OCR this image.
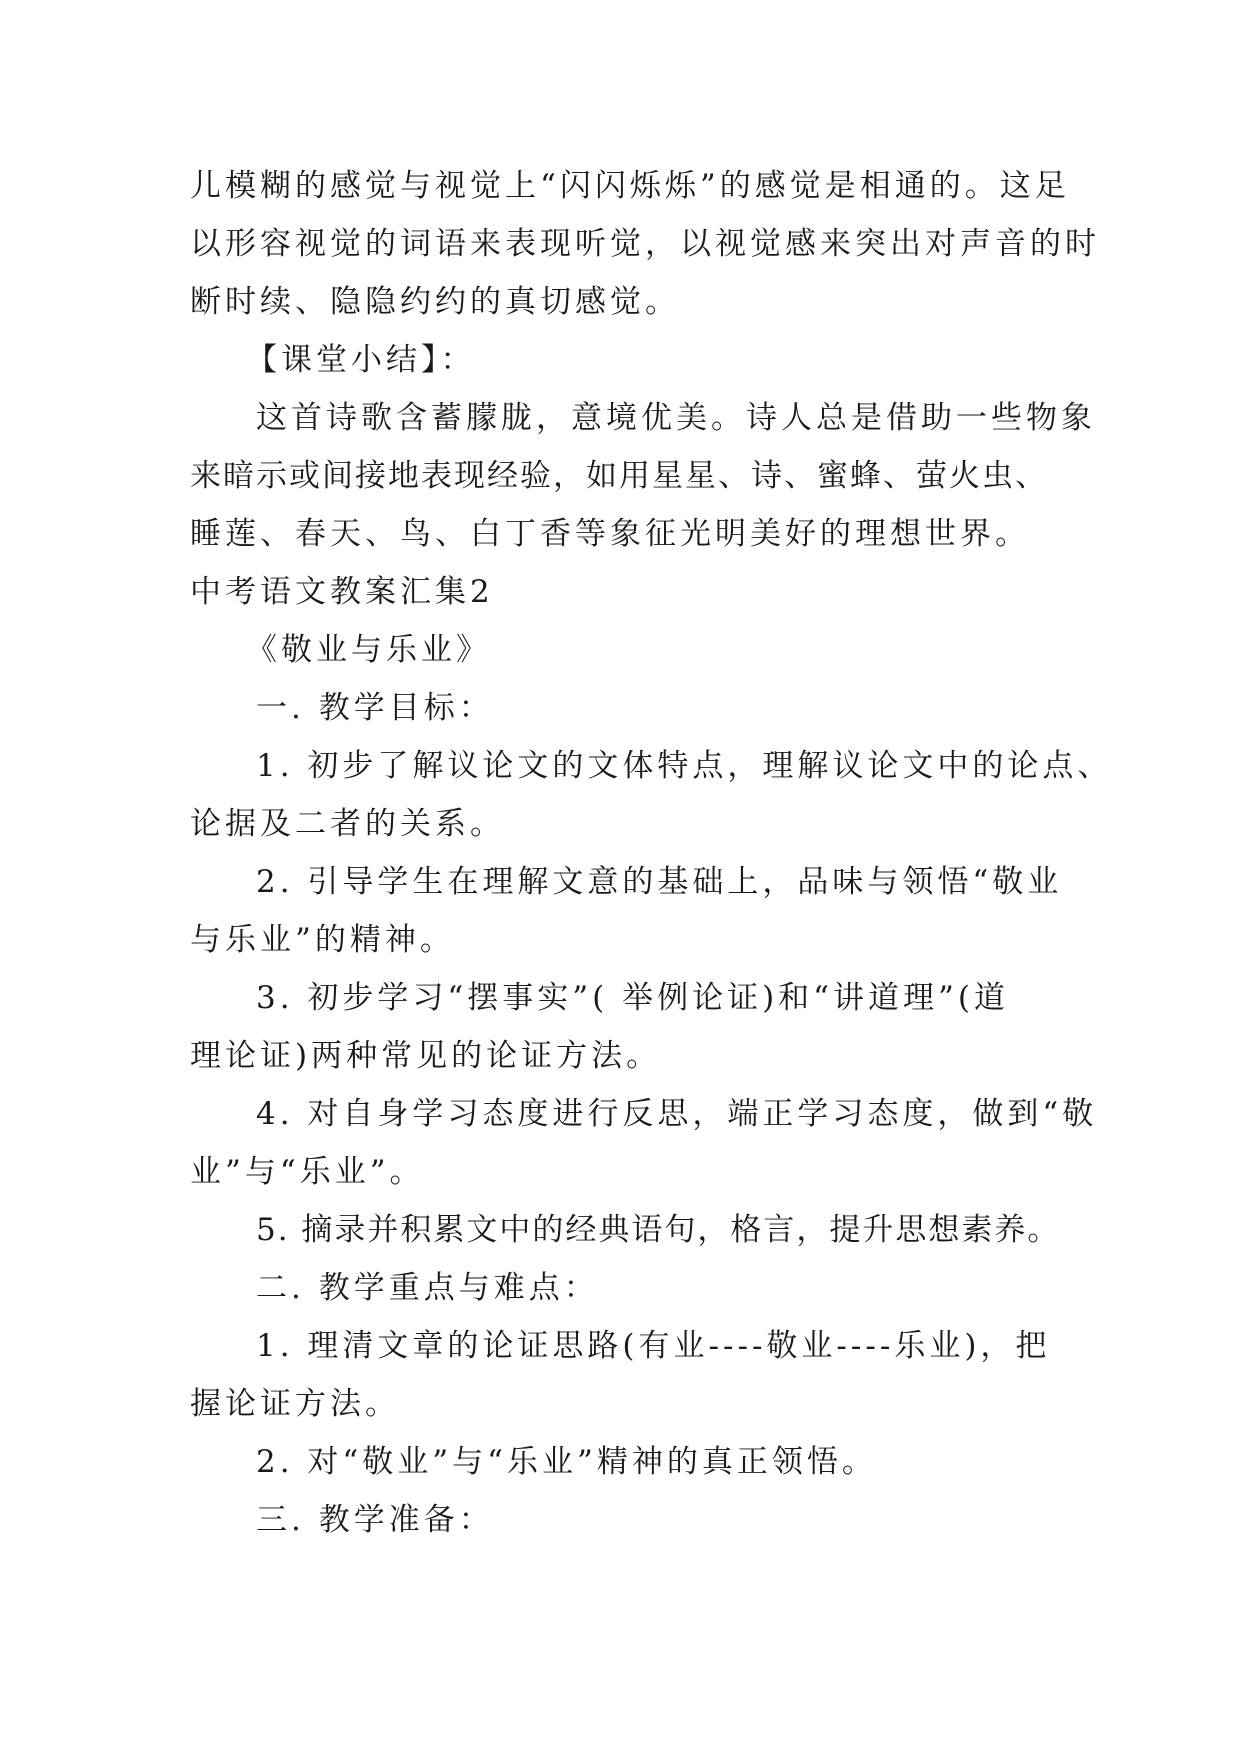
儿模糊的感觉与视觉上“闪闪烁烁”的感觉是相通的。这足
以形容视觉的词语来表现听觉，以视觉感来突出对声音的时
断时续、隐隐约约的真切感觉。
【课堂小结】：
这首诗歌含蓄朦胧，意境优美。诗人总是借助一些物象
来暗示或间接地表现经验，如用星星、诗、蜜蜂、萤火虫、
睡莲、春天、鸟、白丁香等象征光明美好的理想世界。
中考语文教案汇集2
《敬业与乐业》
一. 教学目标：
1. 初步了解议论文的文体特点，理解议论文中的论点、
论据及二者的关系。
2. 引导学生在理解文意的基础上，品味与领悟“敬业
与乐业”的精神。
3. 初步学习“摆事实”( 举例论证)和“讲道理”(道
理论证)两种常见的论证方法。
4. 对自身学习态度进行反思，端正学习态度，做到“敬
业”与“乐业”。
5. 摘录并积累文中的经典语句，格言，提升思想素养。
二. 教学重点与难点：
1. 理清文章的论证思路(有业----敬业----乐业)，把
握论证方法。
2. 对“敬业”与“乐业”精神的真正领悟。
三. 教学准备：
